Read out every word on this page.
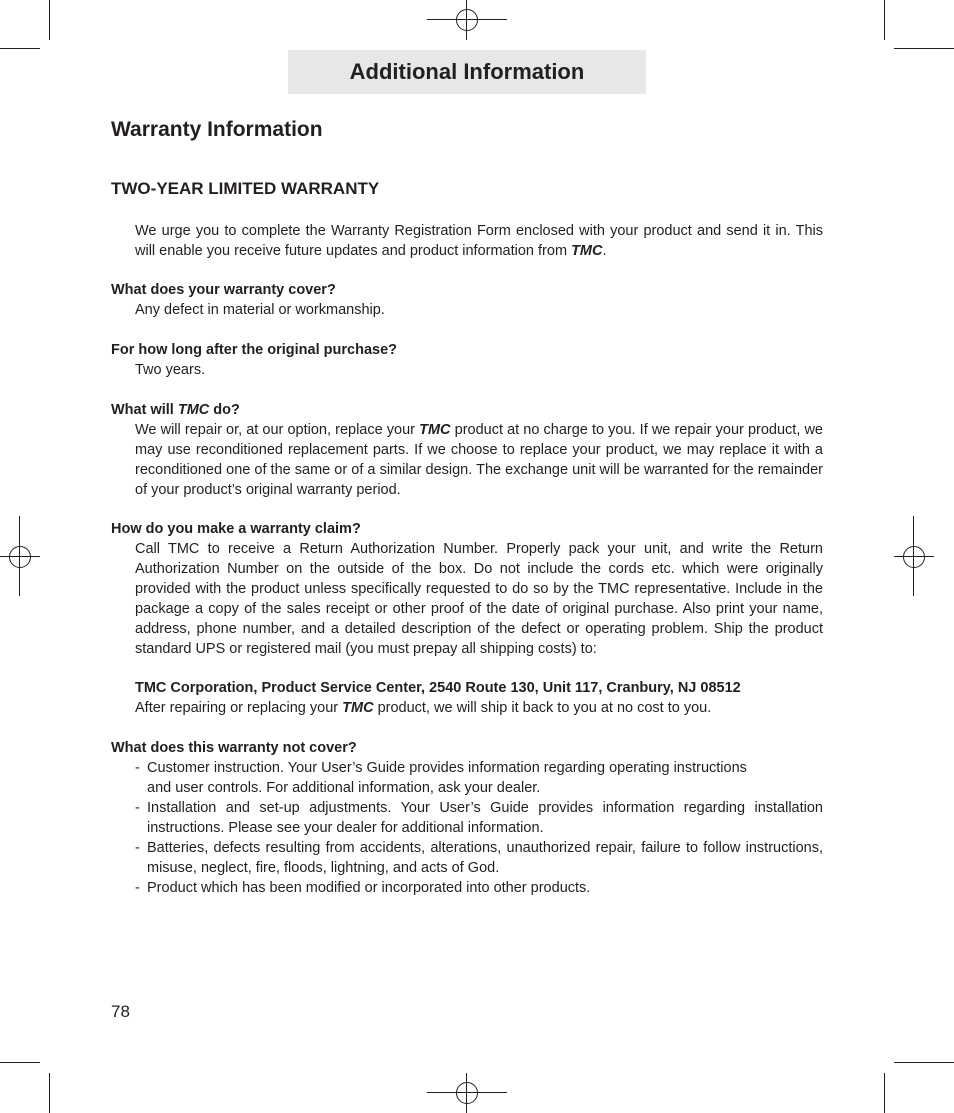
Additional Information
Warranty Information
TWO-YEAR LIMITED WARRANTY
We urge you to complete the Warranty Registration Form enclosed with your product and send it in. This will enable you receive future updates and product information from TMC.
What does your warranty cover?
Any defect in material or workmanship.
For how long after the original purchase?
Two years.
What will TMC do?
We will repair or, at our option, replace your TMC product at no charge to you. If we repair your product, we may use reconditioned replacement parts. If we choose to replace your product, we may replace it with a reconditioned one of the same or of a similar design. The exchange unit will be warranted for the remainder of your product’s original warranty period.
How do you make a warranty claim?
Call TMC to receive a Return Authorization Number. Properly pack your unit, and write the Return Authorization Number on the outside of the box. Do not include the cords etc. which were originally provided with the product unless specifically requested to do so by the TMC representative. Include in the package a copy of the sales receipt or other proof of the date of original purchase. Also print your name, address, phone number, and a detailed description of the defect or operating problem. Ship the product standard UPS or registered mail (you must prepay all shipping costs) to:
TMC Corporation, Product Service Center, 2540 Route 130, Unit 117, Cranbury, NJ 08512
After repairing or replacing your TMC product, we will ship it back to you at no cost to you.
What does this warranty not cover?
- Customer instruction. Your User’s Guide provides information regarding operating instructions and user controls. For additional information, ask your dealer.
- Installation and set-up adjustments. Your User’s Guide provides information regarding installation instructions. Please see your dealer for additional information.
- Batteries, defects resulting from accidents, alterations, unauthorized repair, failure to follow instructions, misuse, neglect, fire, floods, lightning, and acts of God.
- Product which has been modified or incorporated into other products.
78
